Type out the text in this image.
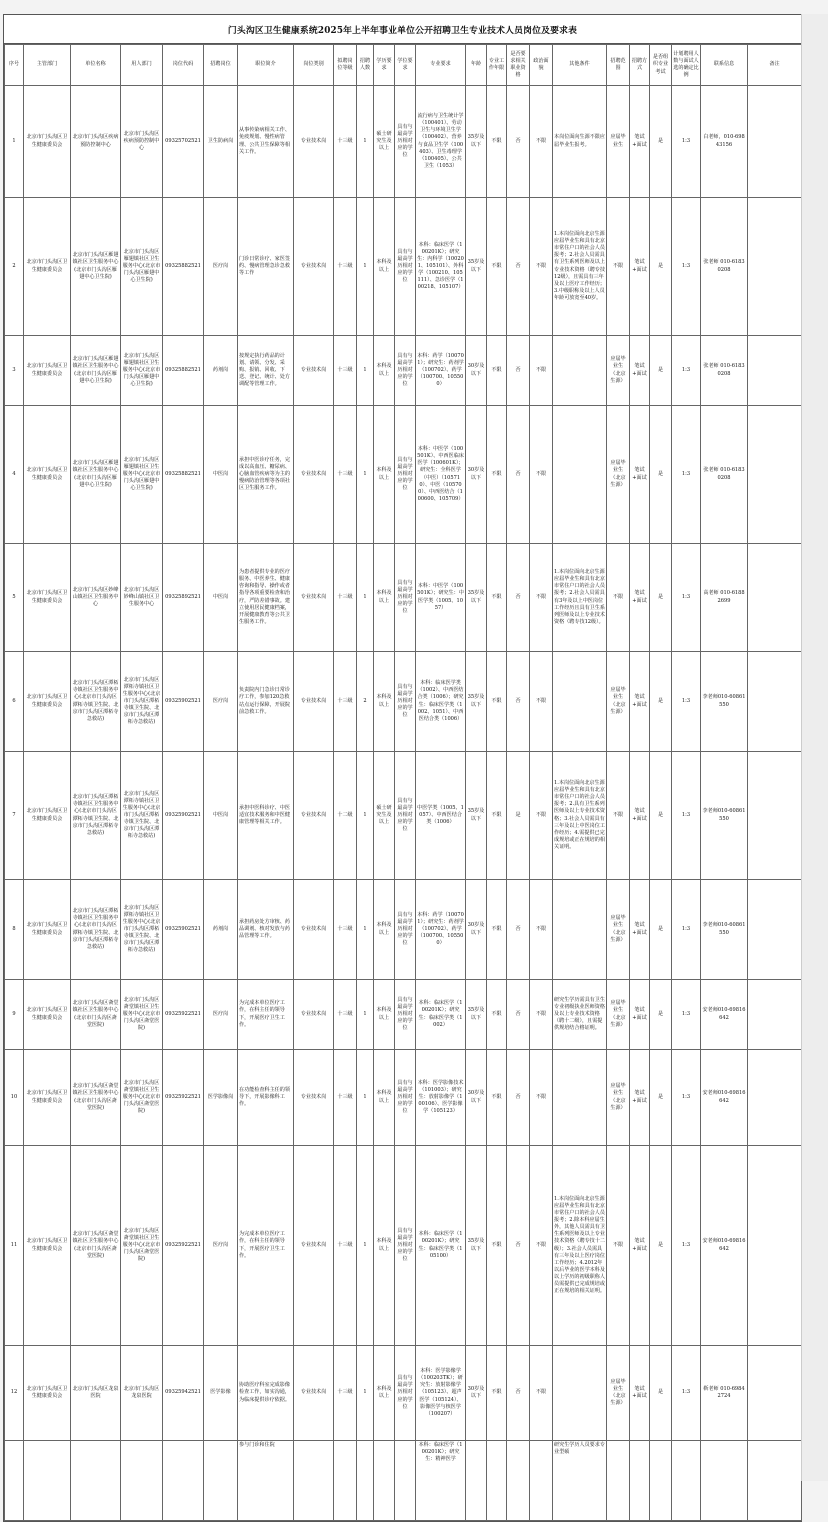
门头沟区卫生健康系统2025年上半年事业单位公开招聘卫生专业技术人员岗位及要求表
序号	主管部门	单位名称	用人部门	岗位代码	招聘岗位	职位简介	岗位类别	拟聘岗位等级	招聘人数	学历要求	学位要求	专业要求	年龄	专业工作年限	是否要求相关职业资格	政治面貌	其他条件	招聘范围	招聘方式	是否组织专业考试	计划聘用人数与面试人选的确定比例	联系信息	备注
1	北京市门头沟区卫生健康委员会	北京市门头沟区疾病预防控制中心	北京市门头沟区疾病预防控制中心	09325702521	卫生防病岗	从事传染病相关工作、免疫规划、慢性病管理、公共卫生保障等相关工作。	专业技术岗	十三级	1	硕士研究生及以上	具有与最高学历相对应的学位	流行病与卫生统计学（100401）、劳动卫生与环境卫生学（100402）、营养与食品卫生学（100403）、卫生毒理学（100405）、公共卫生（1053）	35岁及以下	不限	否	不限	本岗位面向生源不限应届毕业生报考。	应届毕业生	笔试+面试	是	1:3	白老师，010-69843156	
2	北京市门头沟区卫生健康委员会	北京市门头沟区雁翅镇社区卫生服务中心(北京市门头沟区雁翅中心卫生院)	北京市门头沟区雁翅镇社区卫生服务中心(北京市门头沟区雁翅中心卫生院)	09325882521	医疗岗	门诊日常诊疗、家医签约、慢病管理急诊急救等工作	专业技术岗	十三级	1	本科及以上	具有与最高学历相对应的学位	本科：临床医学（100201K）；研究生：内科学（100201、105101）、外科学（100210、105111）、急诊医学（100218、105107）	35岁及以下	不限	否	不限	1.本岗位面向北京生源应届毕业生和具有北京市常住户口的社会人员报考；2.社会人员需具有卫生系列医师及以上专业技术资格（聘专技12级），且需具有三年及以上医疗工作经历；3.中级职称及以上人员年龄可放宽至40岁。	不限	笔试+面试	是	1:3	张老师 010-61830208	
3	北京市门头沟区卫生健康委员会	北京市门头沟区雁翅镇社区卫生服务中心(北京市门头沟区雁翅中心卫生院)	北京市门头沟区雁翅镇社区卫生服务中心(北京市门头沟区雁翅中心卫生院)	09325882521	药剂岗	按规定执行药品的计划、请领、分发、采购、报销、回收、下送、登记、统计、处方调配等管理工作。	专业技术岗	十三级	1	本科及以上	具有与最高学历相对应的学位	本科：药学（100701）；研究生：药剂学（100702）、药学（100700、105500）	30岁及以下	不限	否	不限		应届毕业生（北京生源）	笔试+面试	是	1:3	张老师 010-61830208	
4	北京市门头沟区卫生健康委员会	北京市门头沟区雁翅镇社区卫生服务中心(北京市门头沟区雁翅中心卫生院)	北京市门头沟区雁翅镇社区卫生服务中心(北京市门头沟区雁翅中心卫生院)	09325882521	中医岗	承担中医诊疗任务，完成以高血压、糖尿病、心脑血管疾病等为主的慢病防治管理等各项社区卫生服务工作。	专业技术岗	十三级	1	本科及以上	具有与最高学历相对应的学位	本科：中医学（100501K）、中西医临床医学（100601K）；研究生：全科医学（中医）（105710）、中医（105700）、中西医结合（100600、105709）	30岁及以下	不限	否	不限		应届毕业生（北京生源）	笔试+面试	是	1:3	张老师 010-61830208	
5	北京市门头沟区卫生健康委员会	北京市门头沟区妙峰山镇社区卫生服务中心	北京市门头沟区妙峰山镇社区卫生服务中心	09325892521	中医岗	为患者提供专业的医疗服务、中医养生、健康咨询和指导、操作或者指导各项重要检查和治疗，严防差错事故。建立使用居民健康档案，开展健康教育等公共卫生服务工作。	专业技术岗	十三级	1	本科及以上	具有与最高学历相对应的学位	本科：中医学（100501K）；研究生：中医学类（1005、1057）	35岁及以下	不限	否	不限	1.本岗位面向北京生源应届毕业生和具有北京市常住户口的社会人员报考；2.社会人员需具有3年及以上中医岗位工作经历且具有卫生系列医师及以上专业技术资格（聘专技12级）。	不限	笔试+面试	是	1:3	高老师 010-61882699	
6	北京市门头沟区卫生健康委员会	北京市门头沟区潭柘寺镇社区卫生服务中心(北京市门头沟区潭柘寺镇卫生院、北京市门头沟区潭柘寺急救站)	北京市门头沟区潭柘寺镇社区卫生服务中心(北京市门头沟区潭柘寺镇卫生院、北京市门头沟区潭柘寺急救站)	09325902521	医疗岗	负责院内门急诊日常诊疗工作，参加120急救站点运行保障，开展院前急救工作。	专业技术岗	十三级	2	本科及以上	具有与最高学历相对应的学位	本科：临床医学类（1002）、中西医结合类（1006）；研究生：临床医学类（1002、1051）、中西医结合类（1006）	35岁及以下	不限	否	不限		应届毕业生（北京生源）	笔试+面试	是	1:3	李老师010-60861550	
7	北京市门头沟区卫生健康委员会	北京市门头沟区潭柘寺镇社区卫生服务中心(北京市门头沟区潭柘寺镇卫生院、北京市门头沟区潭柘寺急救站)	北京市门头沟区潭柘寺镇社区卫生服务中心(北京市门头沟区潭柘寺镇卫生院、北京市门头沟区潭柘寺急救站)	09325902521	中医岗	承担中医科诊疗、中医适宜技术服务和中医健康管理等相关工作。	专业技术岗	十二级	1	硕士研究生及以上	具有与最高学历相对应的学位	中医学类（1005、1057）、中西医结合类（1006）	35岁及以下	不限	是	不限	1.本岗位面向北京生源应届毕业生和具有北京市常住户口的社会人员报考；2.具有卫生系列医师及以上专业技术资格；3.社会人员需具有三年及以上中医岗位工作经历；4.需提供已完成规培或正在规培的相关证明。	不限	笔试+面试	是	1:3	李老师010-60861550	
8	北京市门头沟区卫生健康委员会	北京市门头沟区潭柘寺镇社区卫生服务中心(北京市门头沟区潭柘寺镇卫生院、北京市门头沟区潭柘寺急救站)	北京市门头沟区潭柘寺镇社区卫生服务中心(北京市门头沟区潭柘寺镇卫生院、北京市门头沟区潭柘寺急救站)	09325902521	药剂岗	承担药房处方审核、药品调剂、核对发放与药品管理等工作。	专业技术岗	十三级	1	本科及以上	具有与最高学历相对应的学位	本科：药学（100701）；研究生：药剂学（100702）、药学（100700、105500）	30岁及以下	不限	否	不限		应届毕业生（北京生源）	笔试+面试	是	1:3	李老师010-60861550	
9	北京市门头沟区卫生健康委员会	北京市门头沟区斋堂镇社区卫生服务中心(北京市门头沟区斋堂医院)	北京市门头沟区斋堂镇社区卫生服务中心(北京市门头沟区斋堂医院)	09325922521	医疗岗	为完成本单位医疗工作，在科主任的领导下，开展医疗卫生工作。	专业技术岗	十三级	1	本科及以上	具有与最高学历相对应的学位	本科：临床医学（100201K）；研究生：临床医学类（1002）	35岁及以下	不限	否	不限	研究生学历需具有卫生专业初级执业医师资格及以上专业技术资格（聘十二级），且需提供规培结合格证明。	应届毕业生（北京生源）	笔试+面试	是	1:3	安老师010-69816642	
10	北京市门头沟区卫生健康委员会	北京市门头沟区斋堂镇社区卫生服务中心(北京市门头沟区斋堂医院)	北京市门头沟区斋堂镇社区卫生服务中心(北京市门头沟区斋堂医院)	09325922521	医学影像岗	在功能检查科主任的领导下，开展影像科工作。	专业技术岗	十三级	1	本科及以上	具有与最高学历相对应的学位	本科：医学影像技术（101003）；研究生：放射影像学（100106）、医学影像学（105123）	30岁及以下	不限	否	不限		应届毕业生（北京生源）	笔试+面试	是	1:3	安老师010-69816642	
11	北京市门头沟区卫生健康委员会	北京市门头沟区斋堂镇社区卫生服务中心(北京市门头沟区斋堂医院)	北京市门头沟区斋堂镇社区卫生服务中心(北京市门头沟区斋堂医院)	09325922521	医疗岗	为完成本单位医疗工作，在科主任的领导下，开展医疗卫生工作。	专业技术岗	十三级	1	本科及以上	具有与最高学历相对应的学位	本科：临床医学（100201K）；研究生：临床医学类（105100）	35岁及以下	不限	否	不限	1.本岗位面向北京生源应届毕业生和具有北京市常住户口的社会人员报考；2.除本科应届生外，其他人员需具有卫生系列医师及以上专业技术资格（聘专技十二级）；3.社会人员需具有三年及以上医疗岗位工作经历；4.2012年以后毕业的医学本科及以上学历的初级职称人员需提供已完成规培或正在规培的相关证明。	不限	笔试+面试	是	1:3	安老师010-69816642	
12	北京市门头沟区卫生健康委员会	北京市门头沟区龙泉医院	北京市门头沟区龙泉医院	09325942521	医学影像	协助医疗科室完成影像检查工作，如实沟通，为临床提供诊疗依据。	专业技术岗	十三级	1	本科及以上	具有与最高学历相对应的学位	本科：医学影像学（100203TK）；研究生：放射影像学（105123）、超声医学（105124）、影像医学与核医学（100207）	30岁及以下	不限	否	不限		应届毕业生（北京生源）	笔试+面试	是	1:3	靳老师 010-69842724	
						参与门诊和住院						本科：临床医学（100201K）；研究生：精神医学					研究生学历人员要求专业型硕						
